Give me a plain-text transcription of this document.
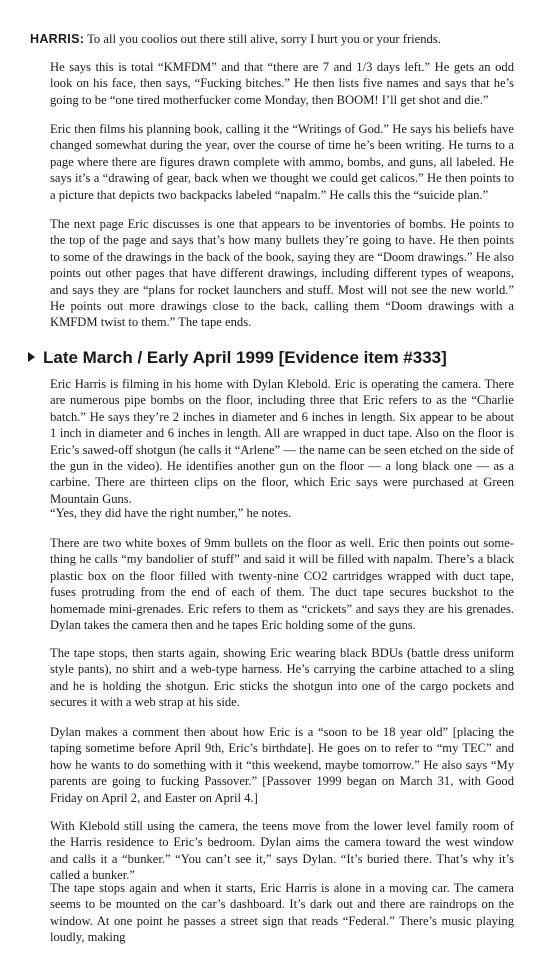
HARRIS: To all you coolios out there still alive, sorry I hurt you or your friends.

He says this is total “KMFDM” and that “there are 7 and 1/3 days left.” He gets an odd look on his face, then says, “Fucking bitches.” He then lists five names and says that he’s going to be “one tired motherfucker come Monday, then BOOM! I’ll get shot and die.”

Eric then films his planning book, calling it the “Writings of God.” He says his beliefs have changed somewhat during the year, over the course of time he’s been writing. He turns to a page where there are figures drawn complete with ammo, bombs, and guns, all labeled. He says it’s a “drawing of gear, back when we thought we could get calicos.” He then points to a picture that depicts two backpacks labeled “napalm.” He calls this the “suicide plan.”

The next page Eric discusses is one that appears to be inventories of bombs. He points to the top of the page and says that’s how many bullets they’re going to have. He then points to some of the drawings in the back of the book, saying they are “Doom drawings.” He also points out other pages that have different drawings, including different types of weapons, and says they are “plans for rocket launchers and stuff. Most will not see the new world.” He points out more drawings close to the back, calling them “Doom drawings with a KMFDM twist to them.” The tape ends.

Late March / Early April 1999 [Evidence item #333]

Eric Harris is filming in his home with Dylan Klebold. Eric is operating the camera. There are numerous pipe bombs on the floor, including three that Eric refers to as the “Charlie batch.” He says they’re 2 inches in diameter and 6 inches in length. Six appear to be about 1 inch in diameter and 6 inches in length. All are wrapped in duct tape. Also on the floor is Eric’s sawed-off shotgun (he calls it “Arlene” — the name can be seen etched on the side of the gun in the video). He identifies another gun on the floor — a long black one — as a carbine. There are thirteen clips on the floor, which Eric says were purchased at Green Mountain Guns.

“Yes, they did have the right number,” he notes.

There are two white boxes of 9mm bullets on the floor as well. Eric then points out something he calls “my bandolier of stuff” and said it will be filled with napalm. There’s a black plastic box on the floor filled with twenty-nine CO2 cartridges wrapped with duct tape, fuses protruding from the end of each of them. The duct tape secures buckshot to the homemade mini-grenades. Eric refers to them as “crickets” and says they are his grenades. Dylan takes the camera then and he tapes Eric holding some of the guns.

The tape stops, then starts again, showing Eric wearing black BDUs (battle dress uniform style pants), no shirt and a web-type harness. He’s carrying the carbine attached to a sling and he is holding the shotgun. Eric sticks the shotgun into one of the cargo pockets and secures it with a web strap at his side.

Dylan makes a comment then about how Eric is a “soon to be 18 year old” [placing the taping sometime before April 9th, Eric’s birthdate]. He goes on to refer to “my TEC” and how he wants to do something with it “this weekend, maybe tomorrow.” He also says “My parents are going to fucking Passover.” [Passover 1999 began on March 31, with Good Friday on April 2, and Easter on April 4.]

With Klebold still using the camera, the teens move from the lower level family room of the Harris residence to Eric’s bedroom. Dylan aims the camera toward the west window and calls it a “bunker.” “You can’t see it,” says Dylan. “It’s buried there. That’s why it’s called a bunker.”

The tape stops again and when it starts, Eric Harris is alone in a moving car. The camera seems to be mounted on the car’s dashboard. It’s dark out and there are raindrops on the window. At one point he passes a street sign that reads “Federal.” There’s music playing loudly, making
